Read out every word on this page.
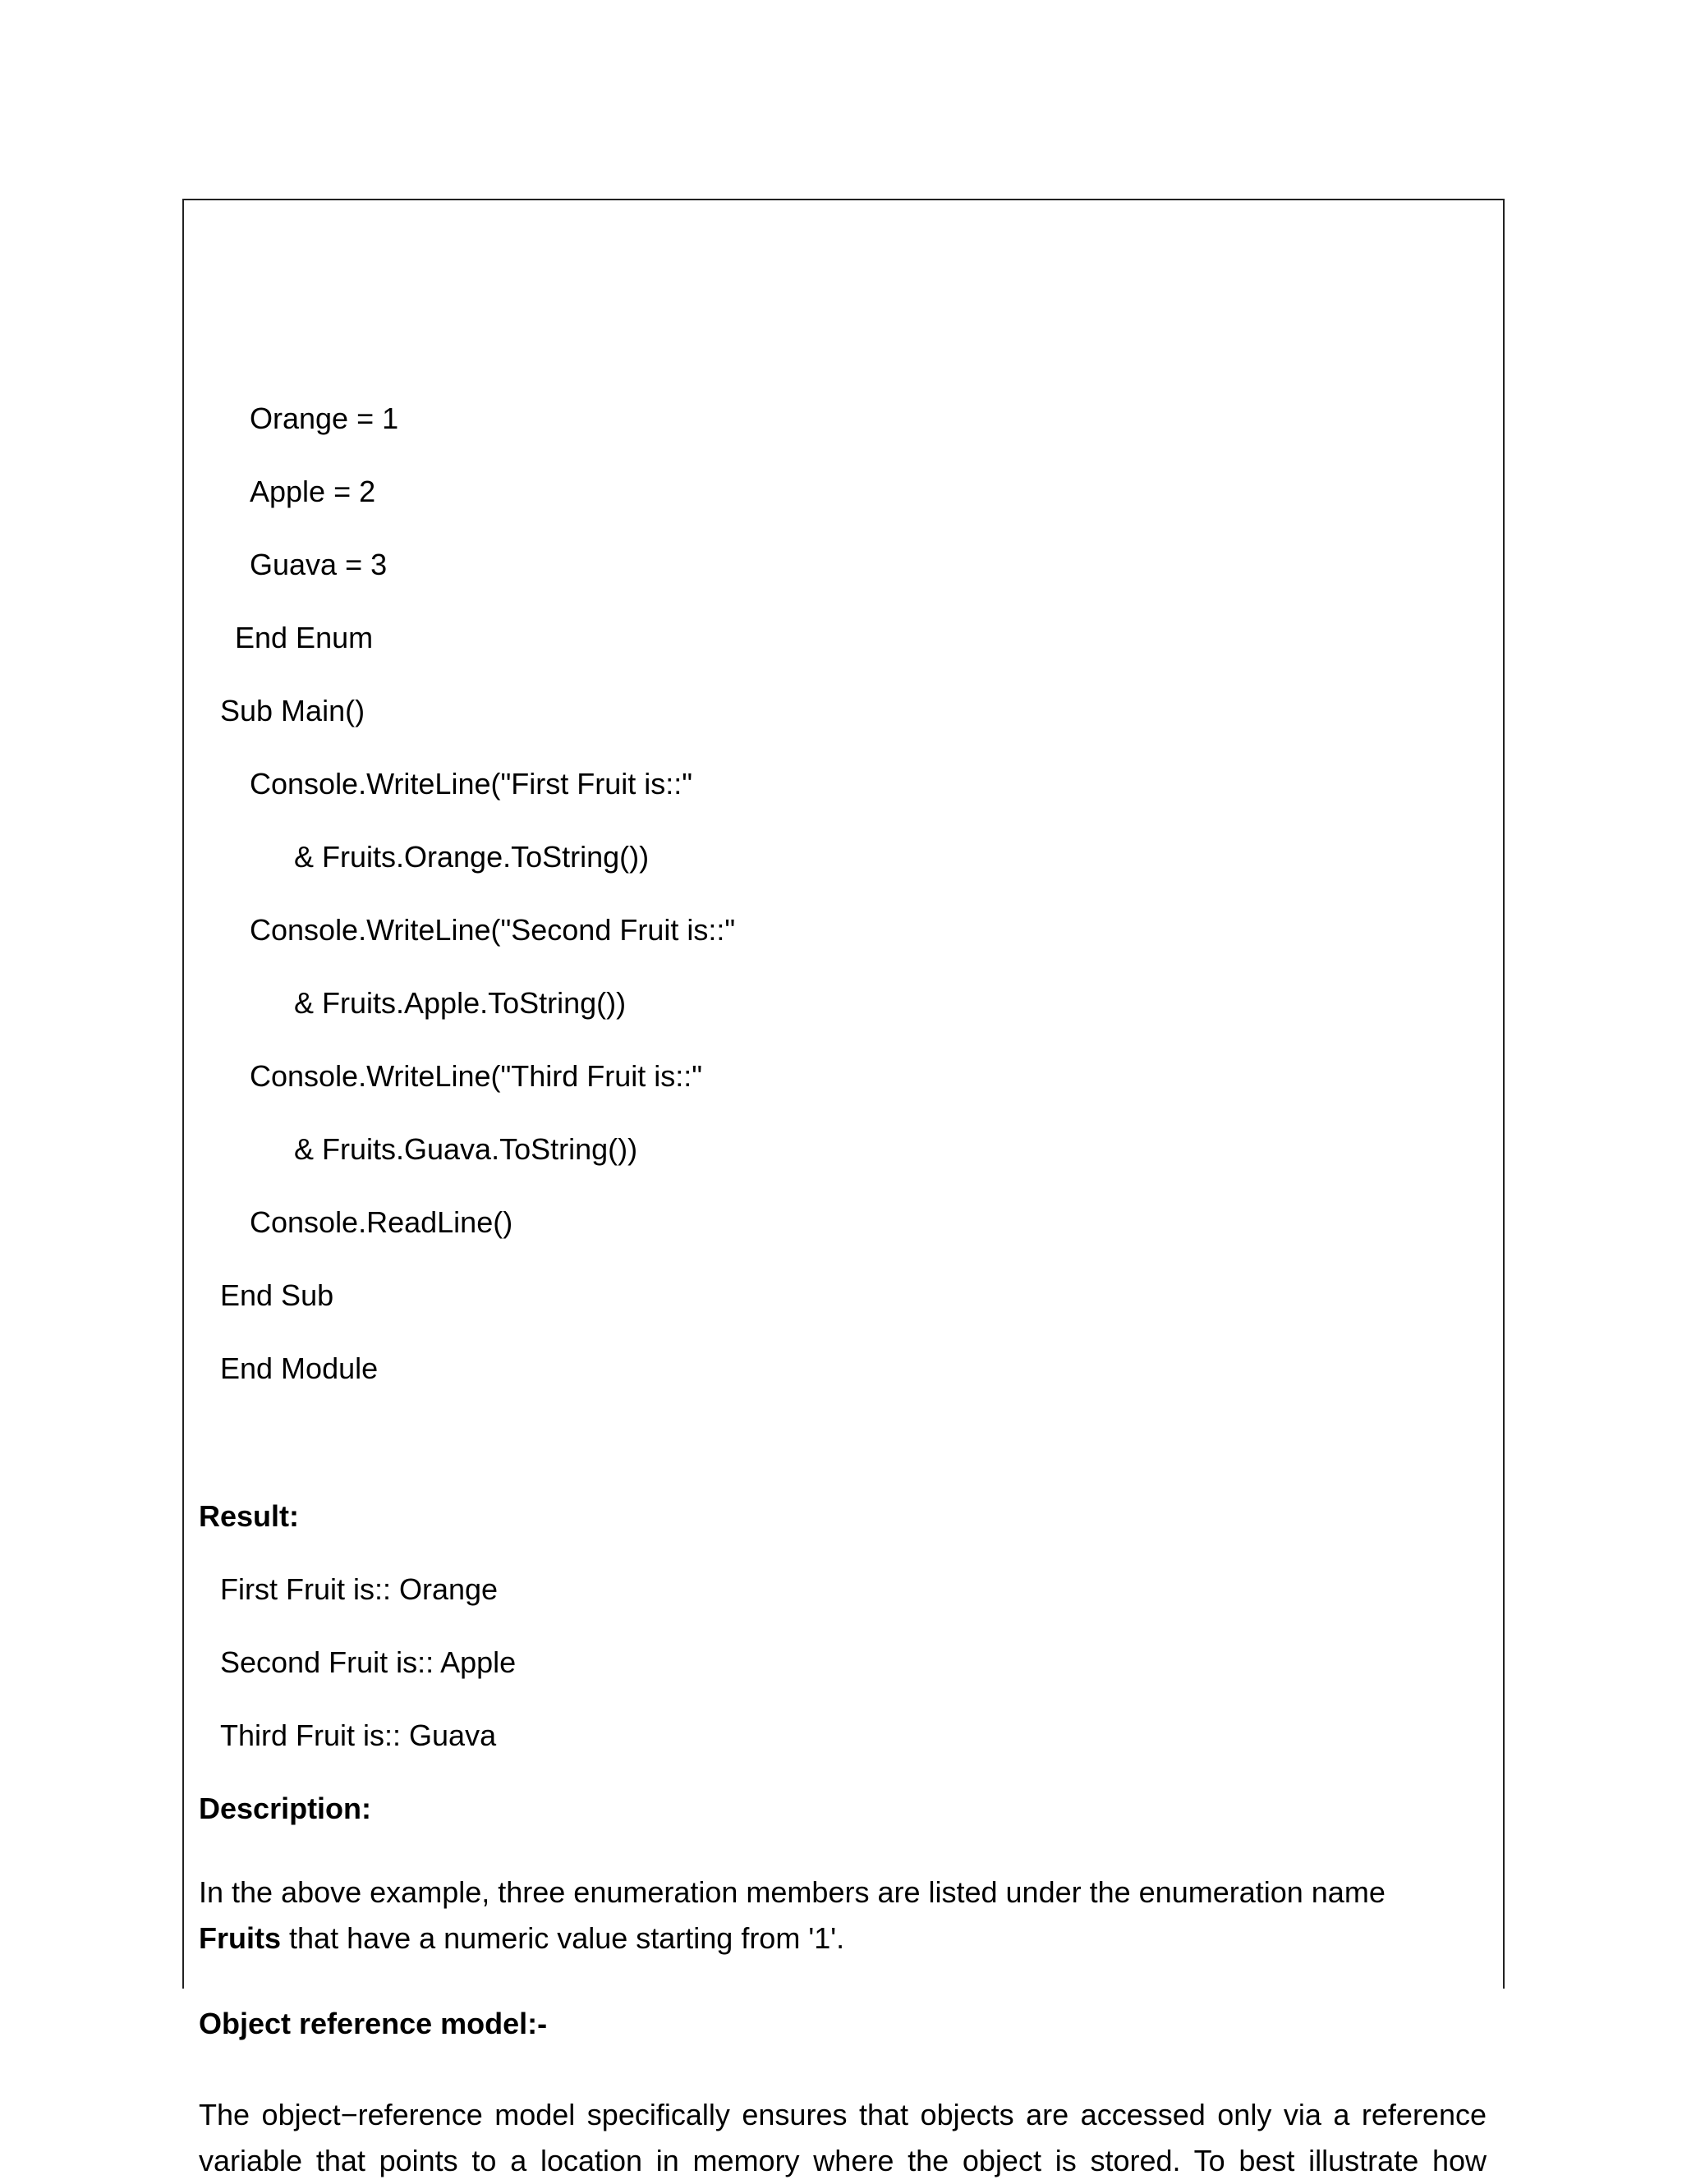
Orange = 1
Apple = 2
Guava = 3
End Enum
Sub Main()
Console.WriteLine("First Fruit is::"
& Fruits.Orange.ToString())
Console.WriteLine("Second Fruit is::"
& Fruits.Apple.ToString())
Console.WriteLine("Third Fruit is::"
& Fruits.Guava.ToString())
Console.ReadLine()
End Sub
End Module
Result:
First Fruit is:: Orange
Second Fruit is:: Apple
Third Fruit is:: Guava
Description:
In the above example, three enumeration members are listed under the enumeration name
Fruits that have a numeric value starting from '1'.
Object reference model:-
The object−reference model specifically ensures that objects are accessed only via a reference
variable that points to a location in memory where the object is stored. To best illustrate how
